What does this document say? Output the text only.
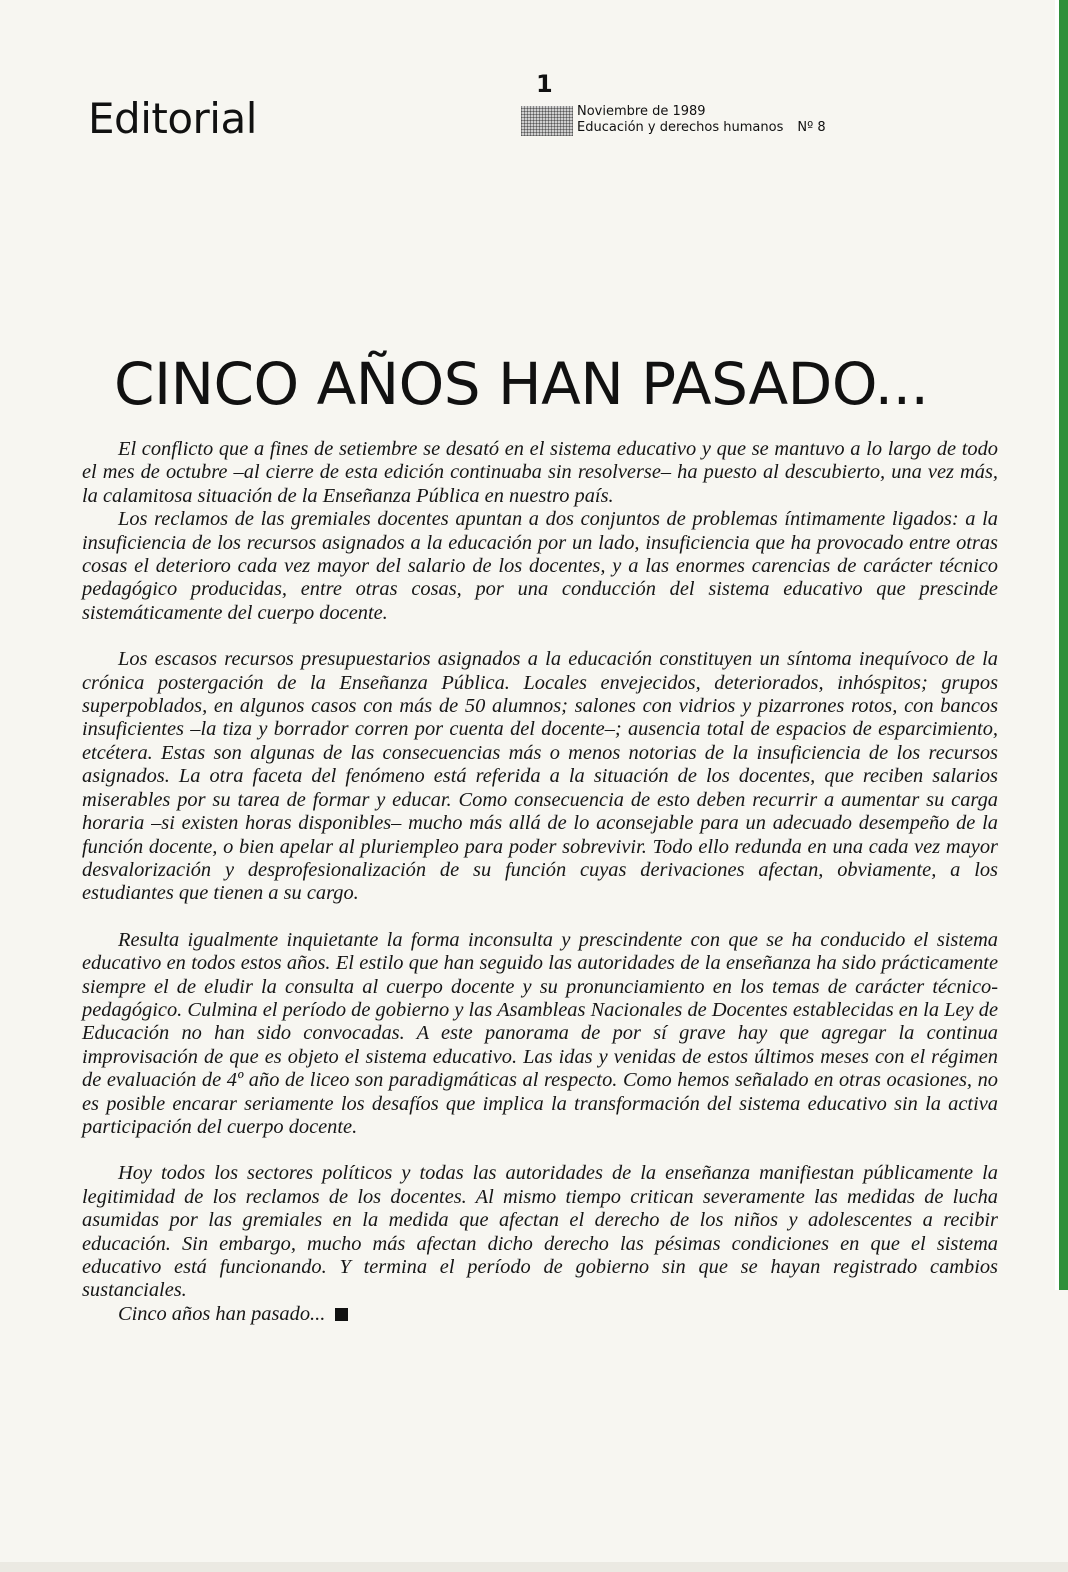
Editorial
1
Noviembre de 1989
Educación y derechos humanos Nº 8
CINCO AÑOS HAN PASADO...

El conflicto que a fines de setiembre se desató en el sistema educativo y que se mantuvo a lo largo de todo el mes de octubre –al cierre de esta edición continuaba sin resolverse– ha puesto al descubierto, una vez más, la calamitosa situación de la Enseñanza Pública en nuestro país.

Los reclamos de las gremiales docentes apuntan a dos conjuntos de problemas íntimamente ligados: a la insuficiencia de los recursos asignados a la educación por un lado, insuficiencia que ha provocado entre otras cosas el deterioro cada vez mayor del salario de los docentes, y a las enormes carencias de carácter técnico pedagógico producidas, entre otras cosas, por una conducción del sistema educativo que prescinde sistemáticamente del cuerpo docente.

Los escasos recursos presupuestarios asignados a la educación constituyen un síntoma inequívoco de la crónica postergación de la Enseñanza Pública. Locales envejecidos, deteriorados, inhóspitos; grupos superpoblados, en algunos casos con más de 50 alumnos; salones con vidrios y pizarrones rotos, con bancos insuficientes –la tiza y borrador corren por cuenta del docente–; ausencia total de espacios de esparcimiento, etcétera. Estas son algunas de las consecuencias más o menos notorias de la insuficiencia de los recursos asignados. La otra faceta del fenómeno está referida a la situación de los docentes, que reciben salarios miserables por su tarea de formar y educar. Como consecuencia de esto deben recurrir a aumentar su carga horaria –si existen horas disponibles– mucho más allá de lo aconsejable para un adecuado desempeño de la función docente, o bien apelar al pluriempleo para poder sobrevivir. Todo ello redunda en una cada vez mayor desvalorización y desprofesionalización de su función cuyas derivaciones afectan, obviamente, a los estudiantes que tienen a su cargo.

Resulta igualmente inquietante la forma inconsulta y prescindente con que se ha conducido el sistema educativo en todos estos años. El estilo que han seguido las autoridades de la enseñanza ha sido prácticamente siempre el de eludir la consulta al cuerpo docente y su pronunciamiento en los temas de carácter técnico-pedagógico. Culmina el período de gobierno y las Asambleas Nacionales de Docentes establecidas en la Ley de Educación no han sido convocadas. A este panorama de por sí grave hay que agregar la continua improvisación de que es objeto el sistema educativo. Las idas y venidas de estos últimos meses con el régimen de evaluación de 4º año de liceo son paradigmáticas al respecto. Como hemos señalado en otras ocasiones, no es posible encarar seriamente los desafíos que implica la transformación del sistema educativo sin la activa participación del cuerpo docente.

Hoy todos los sectores políticos y todas las autoridades de la enseñanza manifiestan públicamente la legitimidad de los reclamos de los docentes. Al mismo tiempo critican severamente las medidas de lucha asumidas por las gremiales en la medida que afectan el derecho de los niños y adolescentes a recibir educación. Sin embargo, mucho más afectan dicho derecho las pésimas condiciones en que el sistema educativo está funcionando. Y termina el período de gobierno sin que se hayan registrado cambios sustanciales.

Cinco años han pasado...
